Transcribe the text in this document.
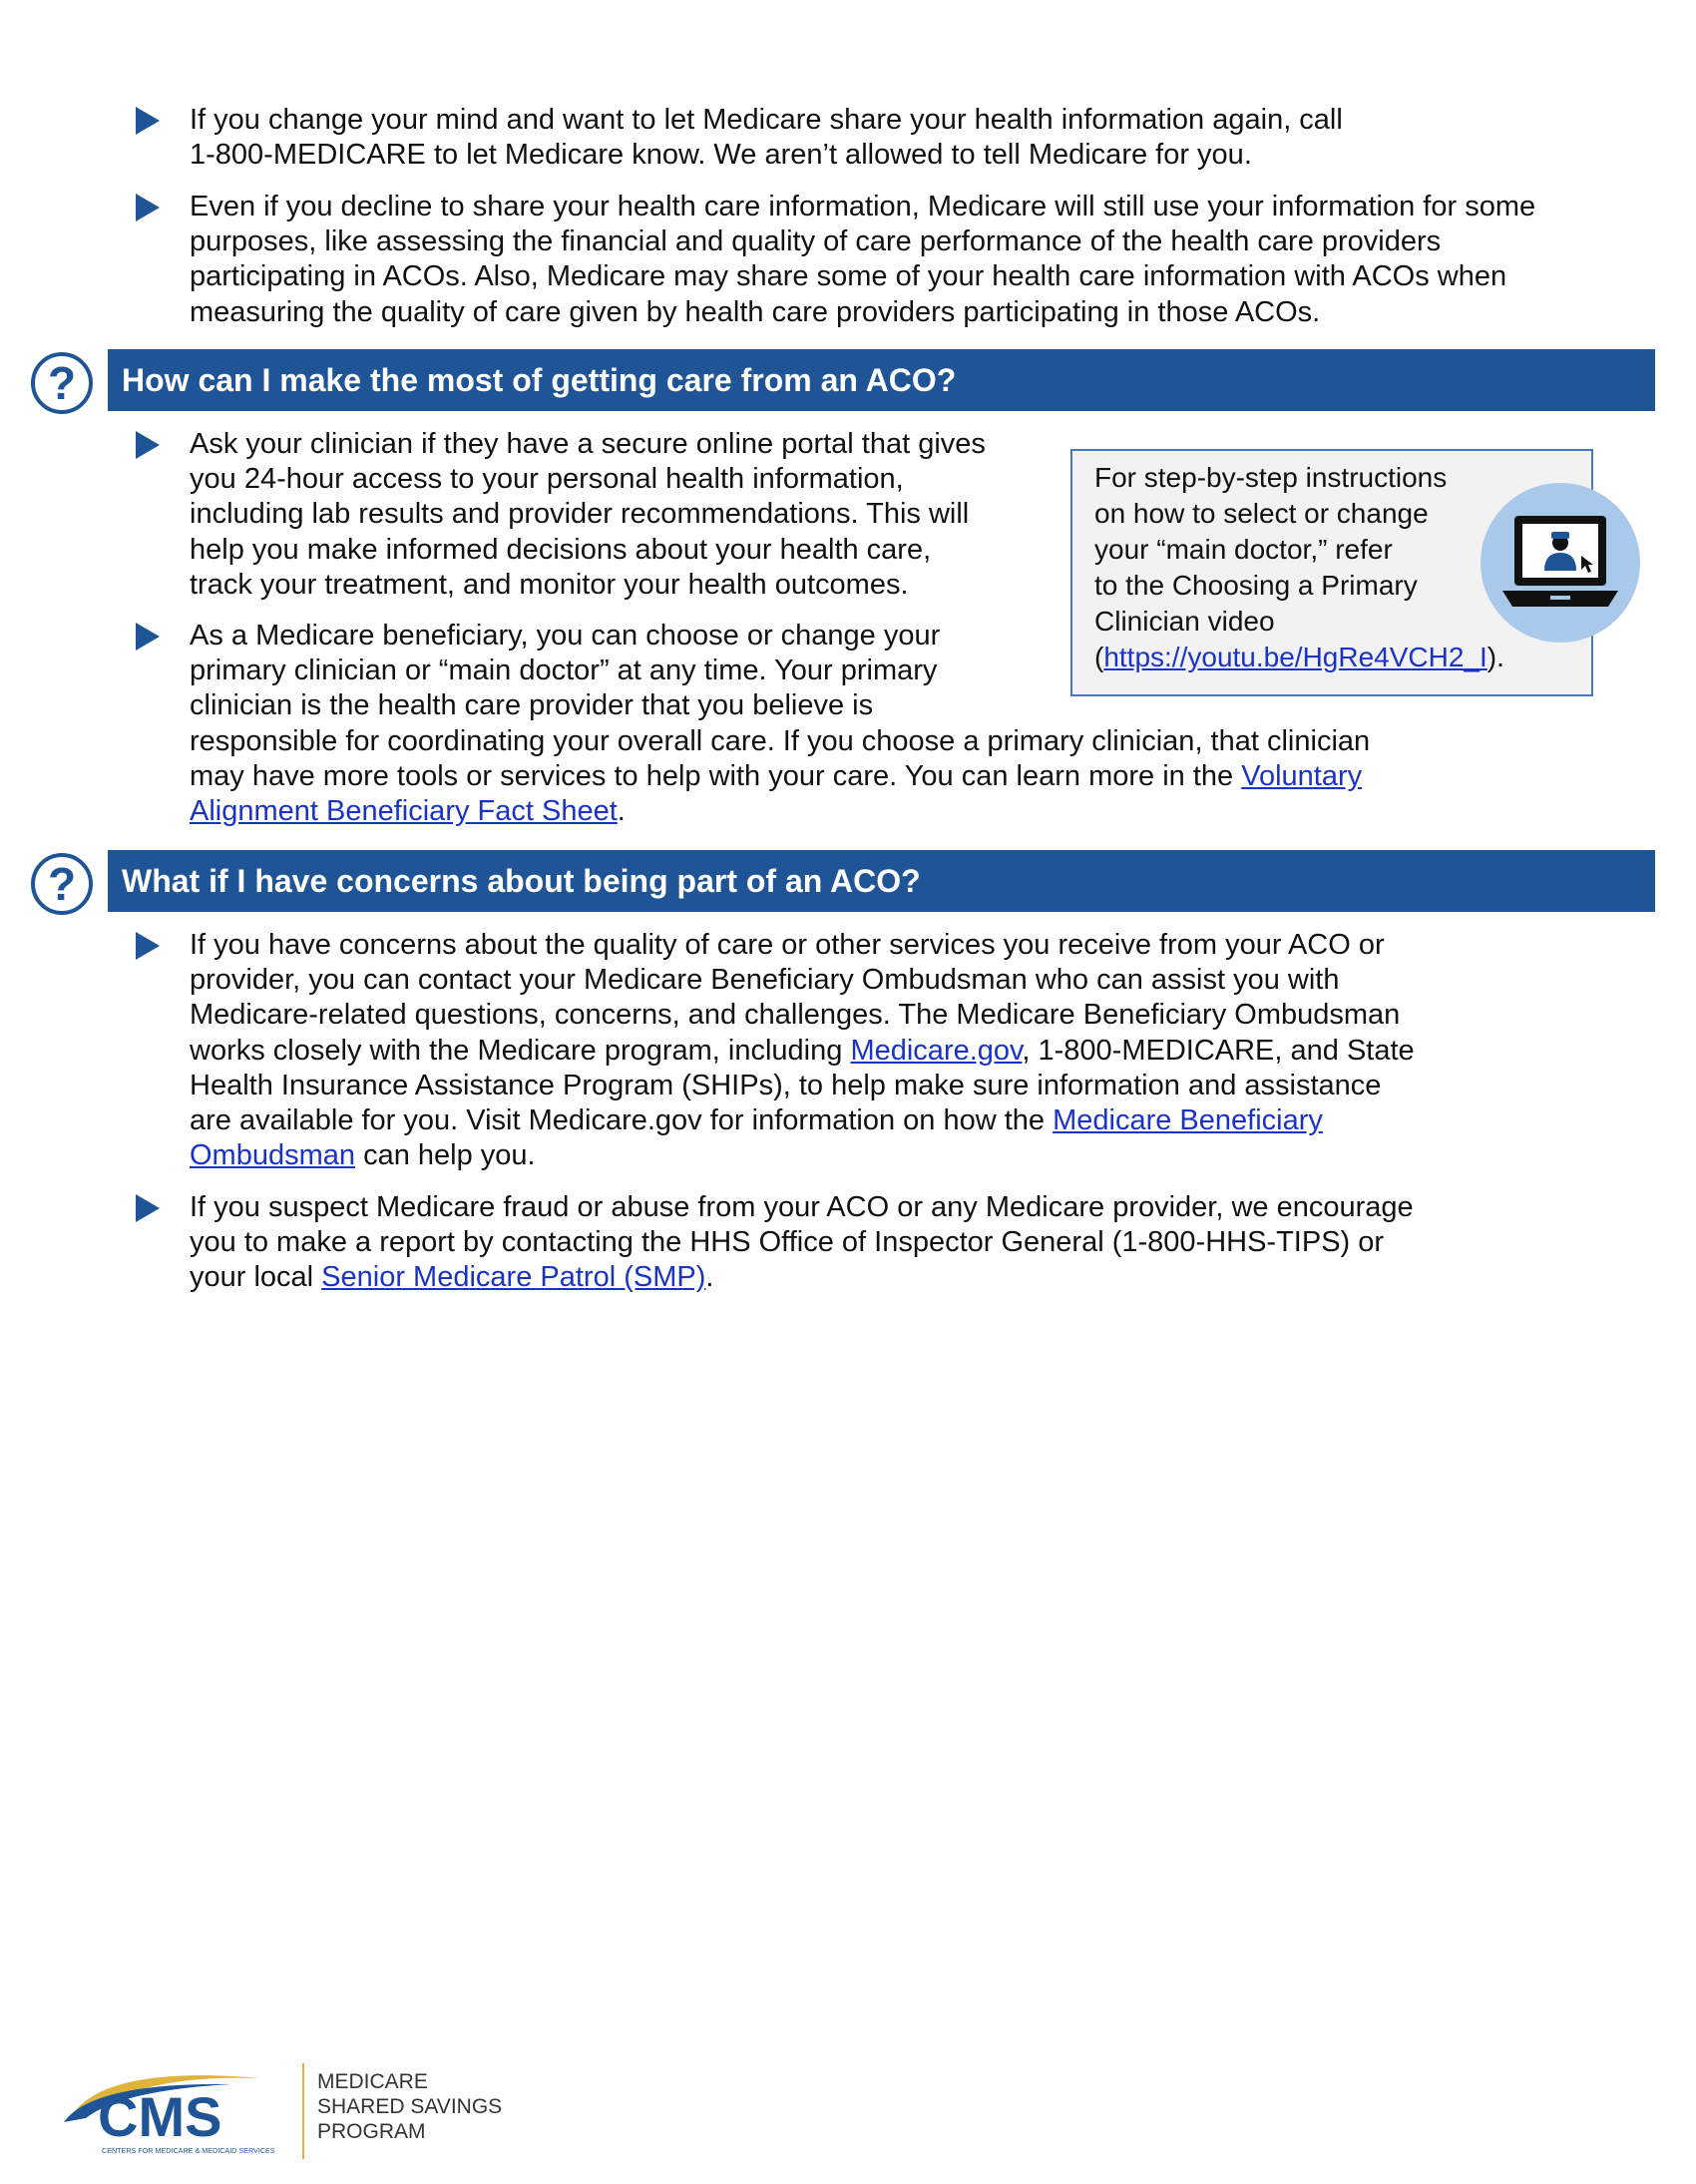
If you change your mind and want to let Medicare share your health information again, call
1-800-MEDICARE to let Medicare know. We aren’t allowed to tell Medicare for you.
Even if you decline to share your health care information, Medicare will still use your information for some
purposes, like assessing the financial and quality of care performance of the health care providers
participating in ACOs. Also, Medicare may share some of your health care information with ACOs when
measuring the quality of care given by health care providers participating in those ACOs.
?	How can I make the most of getting care from an ACO?
Ask your clinician if they have a secure online portal that gives
you 24-hour access to your personal health information,
including lab results and provider recommendations. This will
help you make informed decisions about your health care,
track your treatment, and monitor your health outcomes.
As a Medicare beneficiary, you can choose or change your
primary clinician or “main doctor” at any time. Your primary
clinician is the health care provider that you believe is
responsible for coordinating your overall care. If you choose a primary clinician, that clinician
may have more tools or services to help with your care. You can learn more in the Voluntary
Alignment Beneficiary Fact Sheet.
For step-by-step instructions
on how to select or change
your “main doctor,” refer
to the Choosing a Primary
Clinician video
(https://youtu.be/HgRe4VCH2_I).
?	What if I have concerns about being part of an ACO?
If you have concerns about the quality of care or other services you receive from your ACO or
provider, you can contact your Medicare Beneficiary Ombudsman who can assist you with
Medicare-related questions, concerns, and challenges. The Medicare Beneficiary Ombudsman
works closely with the Medicare program, including Medicare.gov, 1-800-MEDICARE, and State
Health Insurance Assistance Program (SHIPs), to help make sure information and assistance
are available for you. Visit Medicare.gov for information on how the Medicare Beneficiary
Ombudsman can help you.
If you suspect Medicare fraud or abuse from your ACO or any Medicare provider, we encourage
you to make a report by contacting the HHS Office of Inspector General (1-800-HHS-TIPS) or
your local Senior Medicare Patrol (SMP).
CMS
CENTERS FOR MEDICARE & MEDICAID SERVICES
MEDICARE
SHARED SAVINGS
PROGRAM
